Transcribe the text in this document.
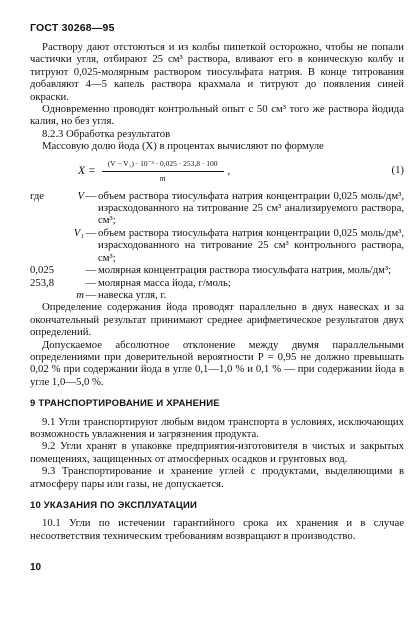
ГОСТ 30268—95

Раствору дают отстоються и из колбы пипеткой осторожно, чтобы не попали частички угля, отбирают 25 см³ раствора, вливают его в коническую колбу и титруют 0,025-молярным раствором тиосульфата натрия. В конце титрования добавляют 4—5 капель раствора крахмала и титруют до появления синей окраски.

Одновременно проводят контрольный опыт с 50 см³ того же раствора йодида калия, но без угля.

8.2.3 Обработка результатов

Массовую долю йода (X) в процентах вычисляют по формуле

$X = \frac{\text{(V − V₁) · 10⁻³ · 0,025 · 253,8 · 100}}{m}$ ,	(1)
где	V — объем раствора тиосульфата натрия концентрации 0,025 моль/дм³, израсходованного на титрование 25 см³ анализируемого раствора, см³;
V₁ — объем раствора тиосульфата натрия концентрации 0,025 моль/дм³, израсходованного на титрование 25 см³ контрольного раствора, см³;
0,025	— молярная концентрация раствора тиосульфата натрия, моль/дм³;
253,8	— молярная масса йода, г/моль;
m — навеска угля, г.

Определение содержания йода проводят параллельно в двух навесках и за окончательный результат принимают среднее арифметическое результатов двух определений.

Допускаемое абсолютное отклонение между двумя параллельными определениями при доверительной вероятности P = 0,95 не должно превышать 0,02 % при содержании йода в угле 0,1—1,0 % и 0,1 % — при содержании йода в угле 1,0—5,0 %.

9 ТРАНСПОРТИРОВАНИЕ И ХРАНЕНИЕ

9.1 Угли транспортируют любым видом транспорта в условиях, исключающих возможность увлажнения и загрязнения продукта.

9.2 Угли хранят в упаковке предприятия-изготовителя в чистых и закрытых помещениях, защищенных от атмосферных осадков и грунтовых вод.

9.3 Транспортирование и хранение углей с продуктами, выделяющими в атмосферу пары или газы, не допускается.

10 УКАЗАНИЯ ПО ЭКСПЛУАТАЦИИ

10.1 Угли по истечении гарантийного срока их хранения и в случае несоответствия техническим требованиям возвращают в производство.

10
